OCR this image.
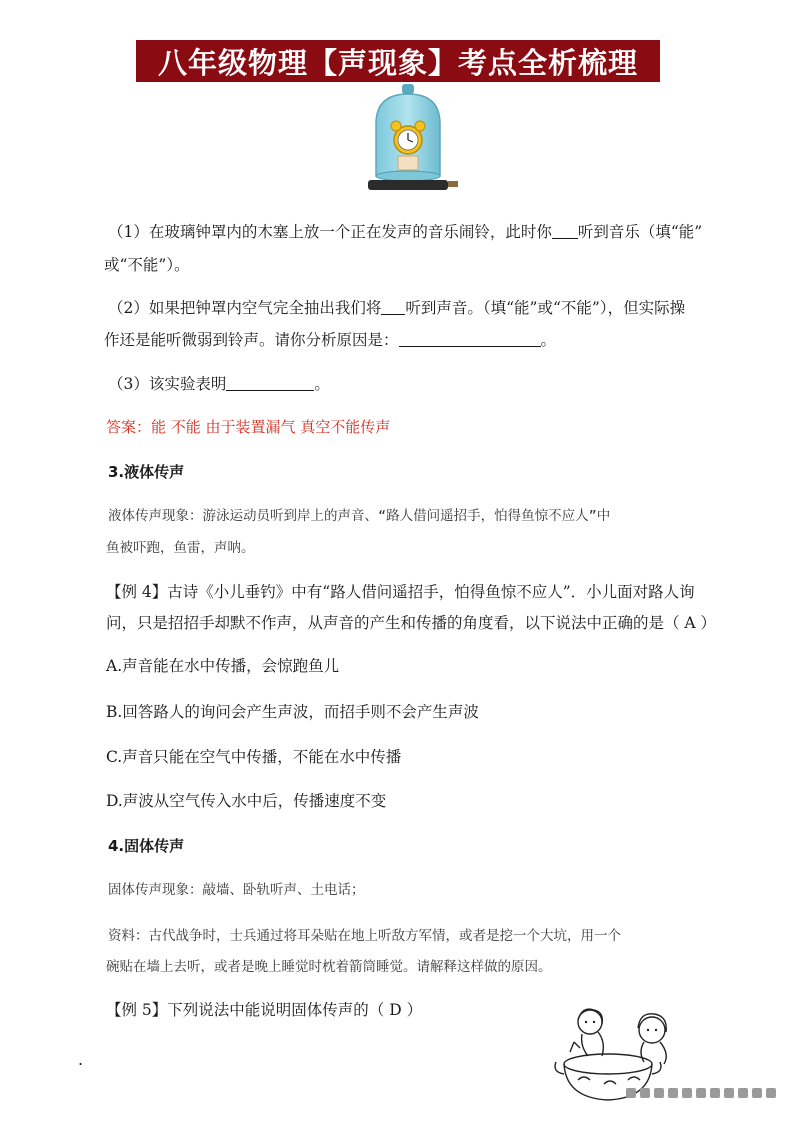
八年级物理【声现象】考点全析梳理
（1）在玻璃钟罩内的木塞上放一个正在发声的音乐闹铃，此时你 听到音乐（填“能”
或“不能”）。
（2）如果把钟罩内空气完全抽出我们将 听到声音。（填“能”或“不能”），但实际操
作还是能听微弱到铃声。请你分析原因是：	。
（3）该实验表明	。
答案：能 不能 由于装置漏气 真空不能传声
3.液体传声
液体传声现象：游泳运动员听到岸上的声音、“路人借问遥招手，怕得鱼惊不应人”中
鱼被吓跑，鱼雷，声呐。
【例 4】古诗《小儿垂钓》中有“路人借问遥招手，怕得鱼惊不应人”．小儿面对路人询
问，只是招招手却默不作声，从声音的产生和传播的角度看，以下说法中正确的是（ A ）
A.声音能在水中传播，会惊跑鱼儿
B.回答路人的询问会产生声波，而招手则不会产生声波
C.声音只能在空气中传播，不能在水中传播
D.声波从空气传入水中后，传播速度不变
4.固体传声
固体传声现象：敲墙、卧轨听声、土电话；
资料：古代战争时，士兵通过将耳朵贴在地上听敌方军情，或者是挖一个大坑，用一个
碗贴在墙上去听，或者是晚上睡觉时枕着箭筒睡觉。请解释这样做的原因。
【例 5】下列说法中能说明固体传声的（ D ）
.
